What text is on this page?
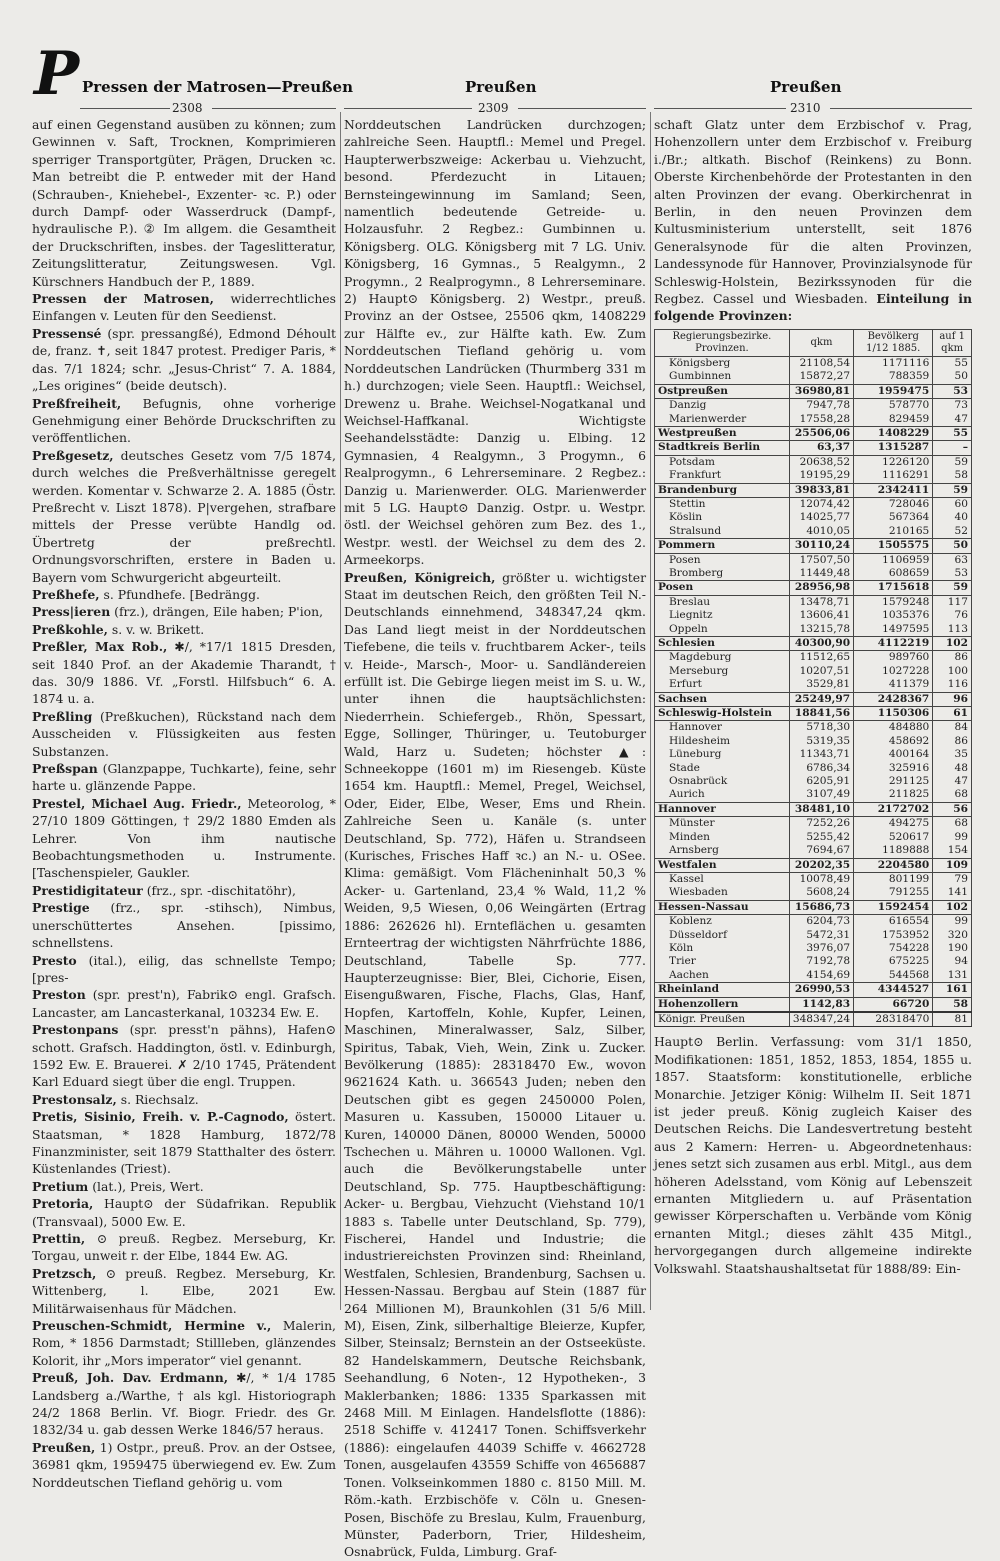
P Pressen der Matrosen—Preußen	Preußen	Preußen
2308	2309	2310

auf einen Gegenstand ausüben zu können; zum Gewinnen v. Saft, Trocknen, Komprimieren sperriger Transportgüter, Prägen, Drucken ꝛc. Man betreibt die P. entweder mit der Hand (Schrauben-, Kniehebel-, Exzenter- ꝛc. P.) oder durch Dampf- oder Wasserdruck (Dampf-, hydraulische P.). ② Im allgem. die Gesamtheit der Druckschriften, insbes. der Tageslitteratur, Zeitungslitteratur, Zeitungswesen. Vgl. Kürschners Handbuch der P., 1889.

Pressen der Matrosen, widerrechtliches Einfangen v. Leuten für den Seedienst.

Pressensé (spr. pressangßé), Edmond Déhoult de, franz. ✝, seit 1847 protest. Prediger Paris, * das. 7/1 1824; schr. „Jesus-Christ“ 7. A. 1884, „Les origines“ (beide deutsch).

Preßfreiheit, Befugnis, ohne vorherige Genehmigung einer Behörde Druckschriften zu veröffentlichen.

Preßgesetz, deutsches Gesetz vom 7/5 1874, durch welches die Preßverhältnisse geregelt werden. Komentar v. Schwarze 2. A. 1885 (Östr. Preßrecht v. Liszt 1878). P|vergehen, strafbare mittels der Presse verübte Handlg od. Übertretg der preßrechtl. Ordnungsvorschriften, erstere in Baden u. Bayern vom Schwurgericht abgeurteilt.

Preßhefe, s. Pfundhefe. [Bedrängg.

Press|ieren (frz.), drängen, Eile haben; P'ion,

Preßkohle, s. v. w. Brikett.

Preßler, Max Rob., ✱/, *17/1 1815 Dresden, seit 1840 Prof. an der Akademie Tharandt, † das. 30/9 1886. Vf. „Forstl. Hilfsbuch“ 6. A. 1874 u. a.

Preßling (Preßkuchen), Rückstand nach dem Ausscheiden v. Flüssigkeiten aus festen Substanzen.

Preßspan (Glanzpappe, Tuchkarte), feine, sehr harte u. glänzende Pappe.

Prestel, Michael Aug. Friedr., Meteorolog, * 27/10 1809 Göttingen, † 29/2 1880 Emden als Lehrer. Von ihm nautische Beobachtungsmethoden u. Instrumente. [Taschenspieler, Gaukler.

Prestidigitateur (frz., spr. -dischitatöhr),

Prestige (frz., spr. -stihsch), Nimbus, unerschüttertes Ansehen. [pissimo, schnellstens.

Presto (ital.), eilig, das schnellste Tempo; [pres-

Preston (spr. prest'n), Fabrik⊙ engl. Grafsch. Lancaster, am Lancasterkanal, 103234 Ew. E.

Prestonpans (spr. presst'n pähns), Hafen⊙ schott. Grafsch. Haddington, östl. v. Edinburgh, 1592 Ew. E. Brauerei. ✗ 2/10 1745, Prätendent Karl Eduard siegt über die engl. Truppen.

Prestonsalz, s. Riechsalz.

Pretis, Sisinio, Freih. v. P.-Cagnodo, östert. Staatsman, * 1828 Hamburg, 1872/78 Finanzminister, seit 1879 Statthalter des österr. Küstenlandes (Triest).

Pretium (lat.), Preis, Wert.

Pretoria, Haupt⊙ der Südafrikan. Republik (Transvaal), 5000 Ew. E.

Prettin, ⊙ preuß. Regbez. Merseburg, Kr. Torgau, unweit r. der Elbe, 1844 Ew. AG.

Pretzsch, ⊙ preuß. Regbez. Merseburg, Kr. Wittenberg, l. Elbe, 2021 Ew. Militärwaisenhaus für Mädchen.

Preuschen-Schmidt, Hermine v., Malerin, Rom, * 1856 Darmstadt; Stillleben, glänzendes Kolorit, ihr „Mors imperator“ viel genannt.

Preuß, Joh. Dav. Erdmann, ✱/, * 1/4 1785 Landsberg a./Warthe, † als kgl. Historiograph 24/2 1868 Berlin. Vf. Biogr. Friedr. des Gr. 1832/34 u. gab dessen Werke 1846/57 heraus.

Preußen, 1) Ostpr., preuß. Prov. an der Ostsee, 36981 qkm, 1959475 überwiegend ev. Ew. Zum Norddeutschen Tiefland gehörig u. vom

Norddeutschen Landrücken durchzogen; zahlreiche Seen. Hauptfl.: Memel und Pregel. Haupterwerbszweige: Ackerbau u. Viehzucht, besond. Pferdezucht in Litauen; Bernsteingewinnung im Samland; Seen, namentlich bedeutende Getreide- u. Holzausfuhr. 2 Regbez.: Gumbinnen u. Königsberg. OLG. Königsberg mit 7 LG. Univ. Königsberg, 16 Gymnas., 5 Realgymn., 2 Progymn., 2 Realprogymn., 8 Lehrerseminare. 2) Haupt⊙ Königsberg. 2) Westpr., preuß. Provinz an der Ostsee, 25506 qkm, 1408229 zur Hälfte ev., zur Hälfte kath. Ew. Zum Norddeutschen Tiefland gehörig u. vom Norddeutschen Landrücken (Thurmberg 331 m h.) durchzogen; viele Seen. Hauptfl.: Weichsel, Drewenz u. Brahe. Weichsel-Nogatkanal und Weichsel-Haffkanal. Wichtigste Seehandelsstädte: Danzig u. Elbing. 12 Gymnasien, 4 Realgymn., 3 Progymn., 6 Realprogymn., 6 Lehrerseminare. 2 Regbez.: Danzig u. Marienwerder. OLG. Marienwerder mit 5 LG. Haupt⊙ Danzig. Ostpr. u. Westpr. östl. der Weichsel gehören zum Bez. des 1., Westpr. westl. der Weichsel zu dem des 2. Armeekorps.

Preußen, Königreich, größter u. wichtigster Staat im deutschen Reich, den größten Teil N.-Deutschlands einnehmend, 348347,24 qkm. Das Land liegt meist in der Norddeutschen Tiefebene, die teils v. fruchtbarem Acker-, teils v. Heide-, Marsch-, Moor- u. Sandländereien erfüllt ist. Die Gebirge liegen meist im S. u. W., unter ihnen die hauptsächlichsten: Niederrhein. Schiefergeb., Rhön, Spessart, Egge, Sollinger, Thüringer, u. Teutoburger Wald, Harz u. Sudeten; höchster ▲: Schneekoppe (1601 m) im Riesengeb. Küste 1654 km. Hauptfl.: Memel, Pregel, Weichsel, Oder, Eider, Elbe, Weser, Ems und Rhein. Zahlreiche Seen u. Kanäle (s. unter Deutschland, Sp. 772), Häfen u. Strandseen (Kurisches, Frisches Haff ꝛc.) an N.- u. OSee. Klima: gemäßigt. Vom Flächeninhalt 50,3 % Acker- u. Gartenland, 23,4 % Wald, 11,2 % Weiden, 9,5 Wiesen, 0,06 Weingärten (Ertrag 1886: 262626 hl). Ernteflächen u. gesamten Ernteertrag der wichtigsten Nährfrüchte 1886, Deutschland, Tabelle Sp. 777. Haupterzeugnisse: Bier, Blei, Cichorie, Eisen, Eisengußwaren, Fische, Flachs, Glas, Hanf, Hopfen, Kartoffeln, Kohle, Kupfer, Leinen, Maschinen, Mineralwasser, Salz, Silber, Spiritus, Tabak, Vieh, Wein, Zink u. Zucker. Bevölkerung (1885): 28318470 Ew., wovon 9621624 Kath. u. 366543 Juden; neben den Deutschen gibt es gegen 2450000 Polen, Masuren u. Kassuben, 150000 Litauer u. Kuren, 140000 Dänen, 80000 Wenden, 50000 Tschechen u. Mähren u. 10000 Wallonen. Vgl. auch die Bevölkerungstabelle unter Deutschland, Sp. 775. Hauptbeschäftigung: Acker- u. Bergbau, Viehzucht (Viehstand 10/1 1883 s. Tabelle unter Deutschland, Sp. 779), Fischerei, Handel und Industrie; die industriereichsten Provinzen sind: Rheinland, Westfalen, Schlesien, Brandenburg, Sachsen u. Hessen-Nassau. Bergbau auf Stein (1887 für 264 Millionen M), Braunkohlen (31 5/6 Mill. M), Eisen, Zink, silberhaltige Bleierze, Kupfer, Silber, Steinsalz; Bernstein an der Ostseeküste. 82 Handelskammern, Deutsche Reichsbank, Seehandlung, 6 Noten-, 12 Hypotheken-, 3 Maklerbanken; 1886: 1335 Sparkassen mit 2468 Mill. M Einlagen. Handelsflotte (1886): 2518 Schiffe v. 412417 Tonen. Schiffsverkehr (1886): eingelaufen 44039 Schiffe v. 4662728 Tonen, ausgelaufen 43559 Schiffe von 4656887 Tonen. Volkseinkommen 1880 c. 8150 Mill. M. Röm.-kath. Erzbischöfe v. Cöln u. Gnesen-Posen, Bischöfe zu Breslau, Kulm, Frauenburg, Münster, Paderborn, Trier, Hildesheim, Osnabrück, Fulda, Limburg. Graf-

schaft Glatz unter dem Erzbischof v. Prag, Hohenzollern unter dem Erzbischof v. Freiburg i./Br.; altkath. Bischof (Reinkens) zu Bonn. Oberste Kirchenbehörde der Protestanten in den alten Provinzen der evang. Oberkirchenrat in Berlin, in den neuen Provinzen dem Kultusministerium unterstellt, seit 1876 Generalsynode für die alten Provinzen, Landessynode für Hannover, Provinzialsynode für Schleswig-Holstein, Bezirkssynoden für die Regbez. Cassel und Wiesbaden. Einteilung in folgende Provinzen:

Regierungsbezirke. Provinzen.	qkm	Bevölkerg 1/12 1885.	auf 1 qkm
Königsberg	21108,54	1171116	55
Gumbinnen	15872,27	788359	50
Ostpreußen	36980,81	1959475	53
Danzig	7947,78	578770	73
Marienwerder	17558,28	829459	47
Westpreußen	25506,06	1408229	55
Stadtkreis Berlin	63,37	1315287	–
Potsdam	20638,52	1226120	59
Frankfurt	19195,29	1116291	58
Brandenburg	39833,81	2342411	59
Stettin	12074,42	728046	60
Köslin	14025,77	567364	40
Stralsund	4010,05	210165	52
Pommern	30110,24	1505575	50
Posen	17507,50	1106959	63
Bromberg	11449,48	608659	53
Posen	28956,98	1715618	59
Breslau	13478,71	1579248	117
Liegnitz	13606,41	1035376	76
Oppeln	13215,78	1497595	113
Schlesien	40300,90	4112219	102
Magdeburg	11512,65	989760	86
Merseburg	10207,51	1027228	100
Erfurt	3529,81	411379	116
Sachsen	25249,97	2428367	96
Schleswig-Holstein	18841,56	1150306	61
Hannover	5718,30	484880	84
Hildesheim	5319,35	458692	86
Lüneburg	11343,71	400164	35
Stade	6786,34	325916	48
Osnabrück	6205,91	291125	47
Aurich	3107,49	211825	68
Hannover	38481,10	2172702	56
Münster	7252,26	494275	68
Minden	5255,42	520617	99
Arnsberg	7694,67	1189888	154
Westfalen	20202,35	2204580	109
Kassel	10078,49	801199	79
Wiesbaden	5608,24	791255	141
Hessen-Nassau	15686,73	1592454	102
Koblenz	6204,73	616554	99
Düsseldorf	5472,31	1753952	320
Köln	3976,07	754228	190
Trier	7192,78	675225	94
Aachen	4154,69	544568	131
Rheinland	26990,53	4344527	161
Hohenzollern	1142,83	66720	58
Königr. Preußen	348347,24	28318470	81

Haupt⊙ Berlin. Verfassung: vom 31/1 1850, Modifikationen: 1851, 1852, 1853, 1854, 1855 u. 1857. Staatsform: konstitutionelle, erbliche Monarchie. Jetziger König: Wilhelm II. Seit 1871 ist jeder preuß. König zugleich Kaiser des Deutschen Reichs. Die Landesvertretung besteht aus 2 Kamern: Herren- u. Abgeordnetenhaus: jenes setzt sich zusamen aus erbl. Mitgl., aus dem höheren Adelsstand, vom König auf Lebenszeit ernanten Mitgliedern u. auf Präsentation gewisser Körperschaften u. Verbände vom König ernanten Mitgl.; dieses zählt 435 Mitgl., hervorgegangen durch allgemeine indirekte Volkswahl. Staatshaushaltsetat für 1888/89: Ein-
